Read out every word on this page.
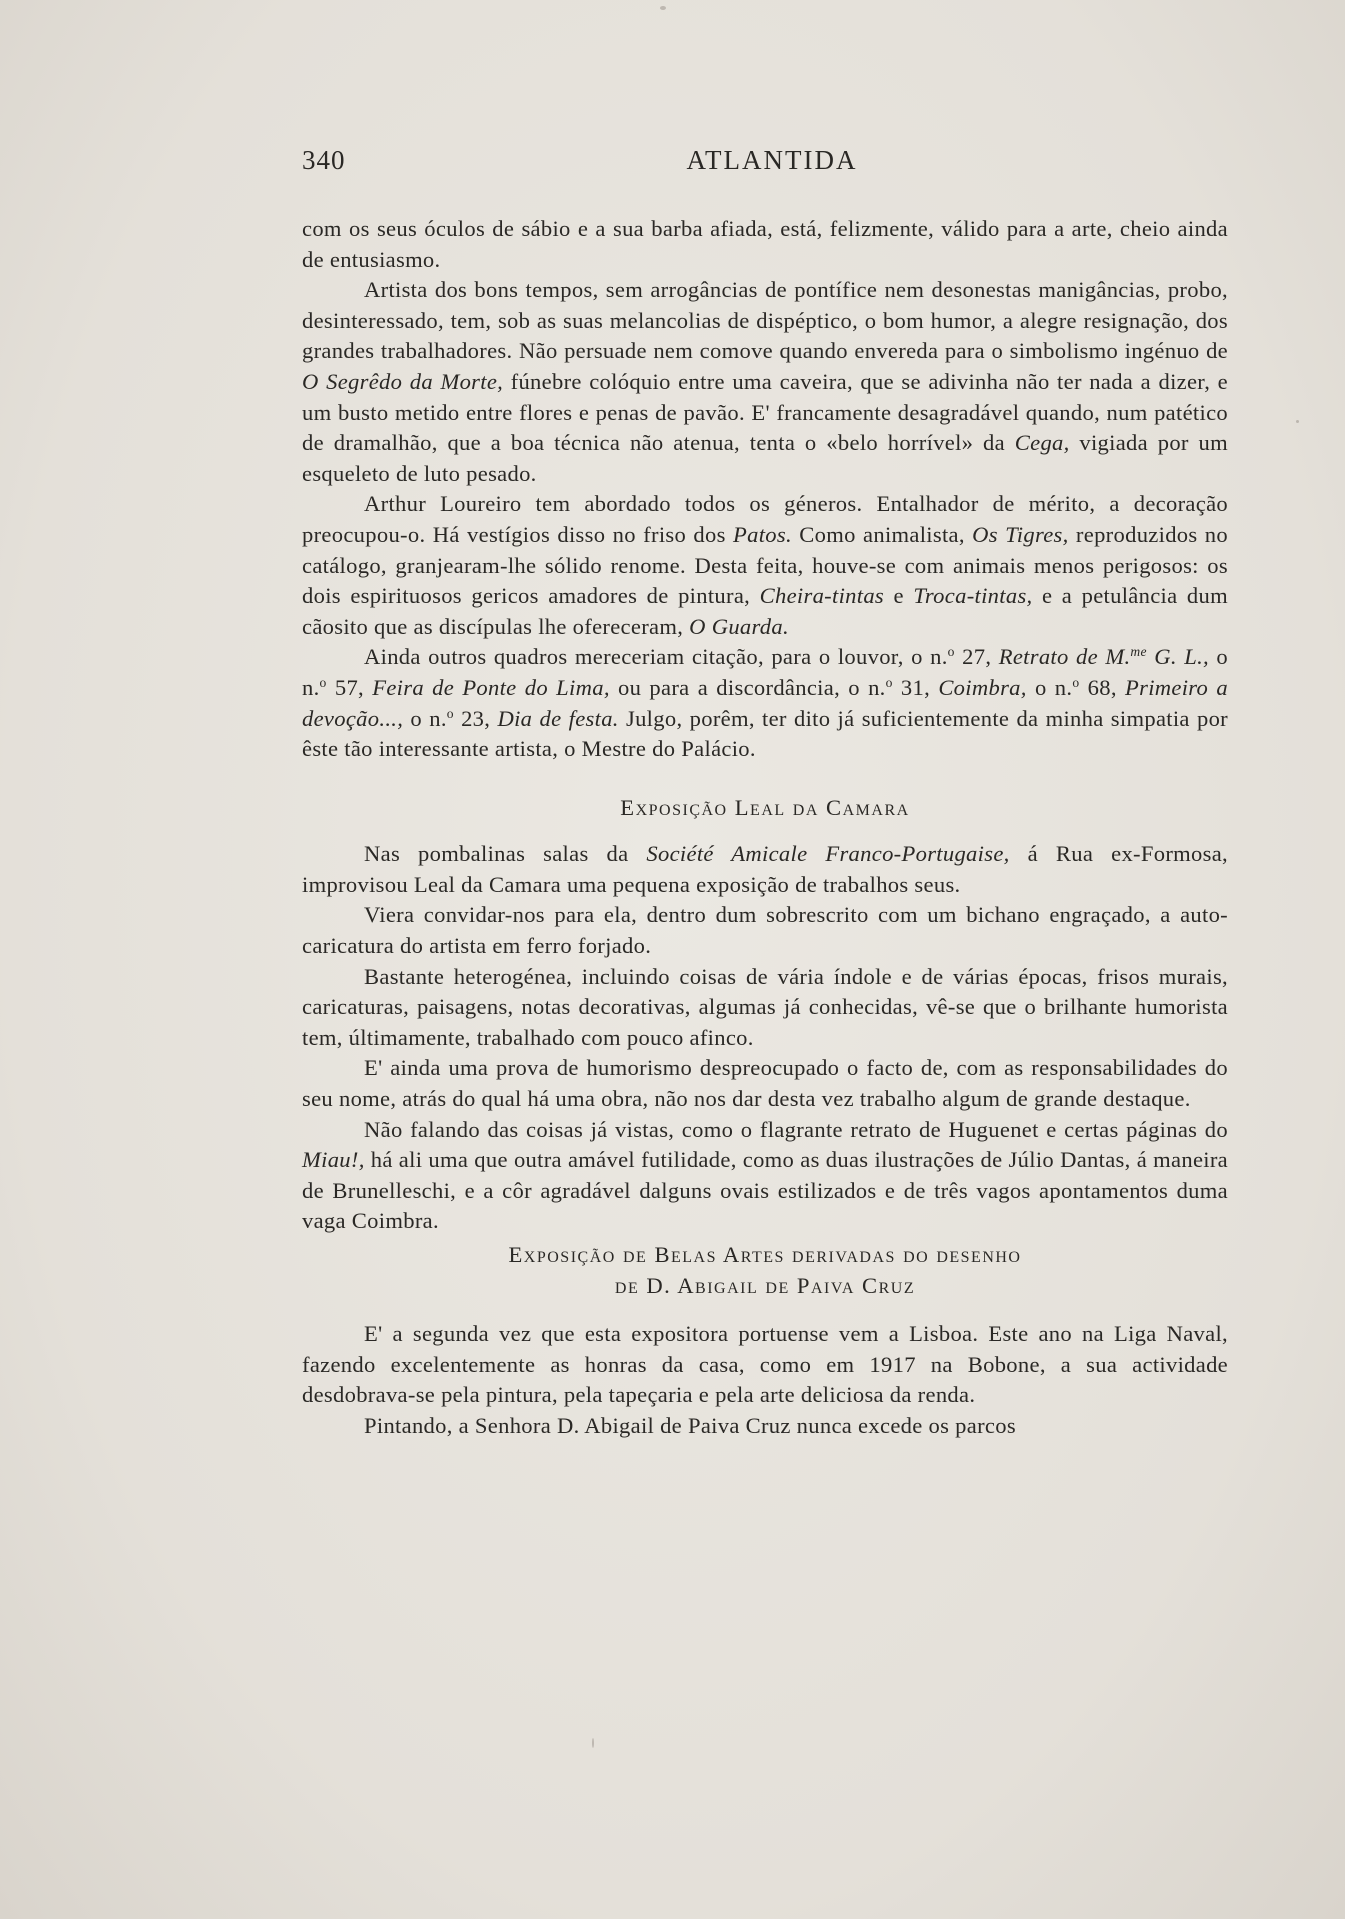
340	ATLANTIDA

com os seus óculos de sábio e a sua barba afiada, está, felizmente, válido para a arte, cheio ainda de entusiasmo.

Artista dos bons tempos, sem arrogâncias de pontífice nem desonestas manigâncias, probo, desinteressado, tem, sob as suas melancolias de dispéptico, o bom humor, a alegre resignação, dos grandes trabalhadores. Não persuade nem comove quando envereda para o simbolismo ingénuo de O Segrêdo da Morte, fúnebre colóquio entre uma caveira, que se adivinha não ter nada a dizer, e um busto metido entre flores e penas de pavão. E' francamente desagradável quando, num patético de dramalhão, que a boa técnica não atenua, tenta o «belo horrível» da Cega, vigiada por um esqueleto de luto pesado.

Arthur Loureiro tem abordado todos os géneros. Entalhador de mérito, a decoração preocupou-o. Há vestígios disso no friso dos Patos. Como animalista, Os Tigres, reproduzidos no catálogo, granjearam-lhe sólido renome. Desta feita, houve-se com animais menos perigosos: os dois espirituosos gericos amadores de pintura, Cheira-tintas e Troca-tintas, e a petulância dum cãosito que as discípulas lhe ofereceram, O Guarda.

Ainda outros quadros mereceriam citação, para o louvor, o n.$^o$ 27, Retrato de M.$^{me}$ G. L., o n.$^o$ 57, Feira de Ponte do Lima, ou para a discordância, o n.$^o$ 31, Coimbra, o n.$^o$ 68, Primeiro a devoção..., o n.$^o$ 23, Dia de festa. Julgo, porêm, ter dito já suficientemente da minha simpatia por êste tão interessante artista, o Mestre do Palácio.

Exposição Leal da Camara

Nas pombalinas salas da Société Amicale Franco-Portugaise, á Rua ex-Formosa, improvisou Leal da Camara uma pequena exposição de trabalhos seus.

Viera convidar-nos para ela, dentro dum sobrescrito com um bichano engraçado, a auto-caricatura do artista em ferro forjado.

Bastante heterogénea, incluindo coisas de vária índole e de várias épocas, frisos murais, caricaturas, paisagens, notas decorativas, algumas já conhecidas, vê-se que o brilhante humorista tem, últimamente, trabalhado com pouco afinco.

E' ainda uma prova de humorismo despreocupado o facto de, com as responsabilidades do seu nome, atrás do qual há uma obra, não nos dar desta vez trabalho algum de grande destaque.

Não falando das coisas já vistas, como o flagrante retrato de Huguenet e certas páginas do Miau!, há ali uma que outra amável futilidade, como as duas ilustrações de Júlio Dantas, á maneira de Brunelleschi, e a côr agradável dalguns ovais estilizados e de três vagos apontamentos duma vaga Coimbra.

Exposição de Belas Artes derivadas do desenho

de D. Abigail de Paiva Cruz

E' a segunda vez que esta expositora portuense vem a Lisboa. Este ano na Liga Naval, fazendo excelentemente as honras da casa, como em 1917 na Bobone, a sua actividade desdobrava-se pela pintura, pela tapeçaria e pela arte deliciosa da renda.

Pintando, a Senhora D. Abigail de Paiva Cruz nunca excede os parcos
